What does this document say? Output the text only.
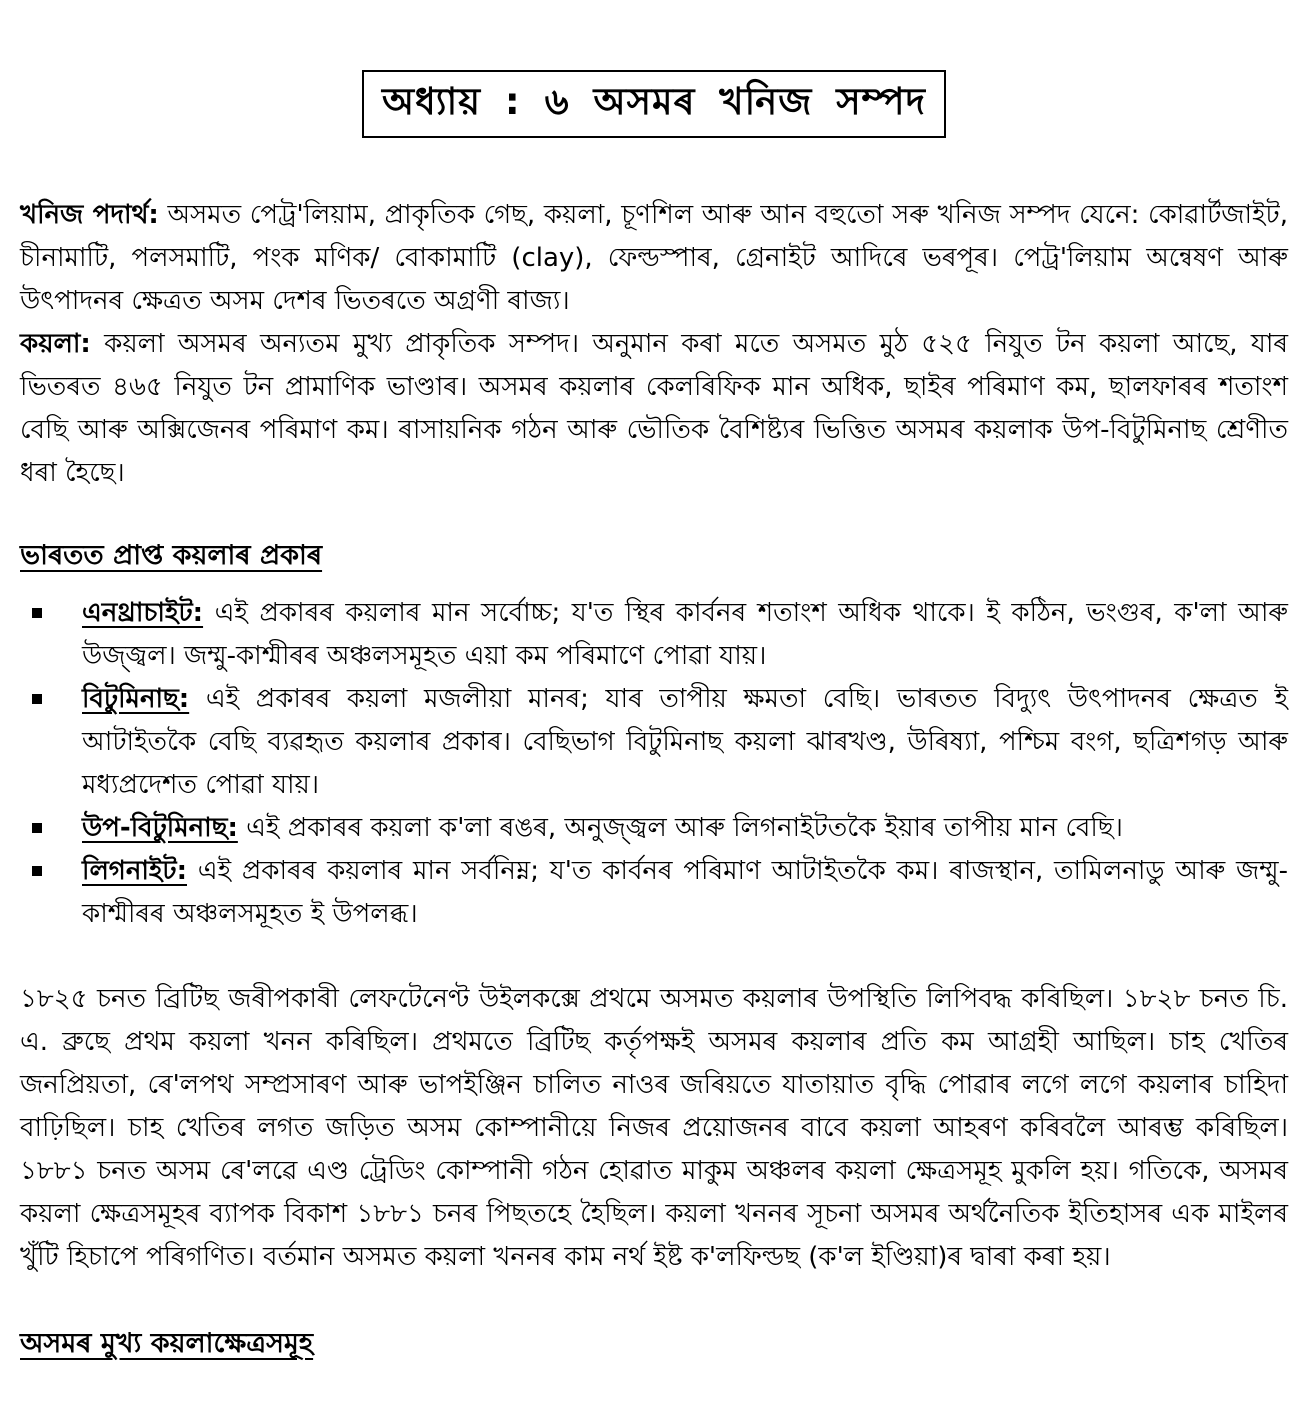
অধ্যায় : ৬ অসমৰ খনিজ সম্পদ

খনিজ পদাৰ্থ: অসমত পেট্ৰ'লিয়াম, প্ৰাকৃতিক গেছ, কয়লা, চূণশিল আৰু আন বহুতো সৰু খনিজ সম্পদ যেনে: কোৱাৰ্টজাইট, চীনামাটি, পলসমাটি, পংক মণিক/ বোকামাটি (clay), ফেল্ডস্পাৰ, গ্ৰেনাইট আদিৰে ভৰপূৰ। পেট্ৰ'লিয়াম অন্বেষণ আৰু উৎপাদনৰ ক্ষেত্ৰত অসম দেশৰ ভিতৰতে অগ্ৰণী ৰাজ্য।

কয়লা: কয়লা অসমৰ অন্যতম মুখ্য প্ৰাকৃতিক সম্পদ। অনুমান কৰা মতে অসমত মুঠ ৫২৫ নিযুত টন কয়লা আছে, যাৰ ভিতৰত ৪৬৫ নিযুত টন প্ৰামাণিক ভাণ্ডাৰ। অসমৰ কয়লাৰ কেলৰিফিক মান অধিক, ছাইৰ পৰিমাণ কম, ছালফাৰৰ শতাংশ বেছি আৰু অক্সিজেনৰ পৰিমাণ কম। ৰাসায়নিক গঠন আৰু ভৌতিক বৈশিষ্ট্যৰ ভিত্তিত অসমৰ কয়লাক উপ-বিটুমিনাছ শ্ৰেণীত ধৰা হৈছে।

ভাৰতত প্ৰাপ্ত কয়লাৰ প্ৰকাৰ
এনথ্ৰাচাইট: এই প্ৰকাৰৰ কয়লাৰ মান সৰ্বোচ্চ; য'ত স্থিৰ কাৰ্বনৰ শতাংশ অধিক থাকে। ই কঠিন, ভংগুৰ, ক'লা আৰু উজ্জ্বল। জম্মু-কাশ্মীৰৰ অঞ্চলসমূহত এয়া কম পৰিমাণে পোৱা যায়।
বিটুমিনাছ: এই প্ৰকাৰৰ কয়লা মজলীয়া মানৰ; যাৰ তাপীয় ক্ষমতা বেছি। ভাৰতত বিদ্যুৎ উৎপাদনৰ ক্ষেত্ৰত ই আটাইতকৈ বেছি ব্যৱহৃত কয়লাৰ প্ৰকাৰ। বেছিভাগ বিটুমিনাছ কয়লা ঝাৰখণ্ড, উৰিষ্যা, পশ্চিম বংগ, ছত্ৰিশগড় আৰু মধ্যপ্ৰদেশত পোৱা যায়।
উপ-বিটুমিনাছ: এই প্ৰকাৰৰ কয়লা ক'লা ৰঙৰ, অনুজ্জ্বল আৰু লিগনাইটতকৈ ইয়াৰ তাপীয় মান বেছি।
লিগনাইট: এই প্ৰকাৰৰ কয়লাৰ মান সৰ্বনিম্ন; য'ত কাৰ্বনৰ পৰিমাণ আটাইতকৈ কম। ৰাজস্থান, তামিলনাডু আৰু জম্মু-কাশ্মীৰৰ অঞ্চলসমূহত ই উপলব্ধ।

১৮২৫ চনত ব্ৰিটিছ জৰীপকাৰী লেফটেনেণ্ট উইলকক্সে প্ৰথমে অসমত কয়লাৰ উপস্থিতি লিপিবদ্ধ কৰিছিল। ১৮২৮ চনত চি. এ. ব্ৰুছে প্ৰথম কয়লা খনন কৰিছিল। প্ৰথমতে ব্ৰিটিছ কৰ্তৃপক্ষই অসমৰ কয়লাৰ প্ৰতি কম আগ্ৰহী আছিল। চাহ খেতিৰ জনপ্ৰিয়তা, ৰে'লপথ সম্প্ৰসাৰণ আৰু ভাপইঞ্জিন চালিত নাওৰ জৰিয়তে যাতায়াত বৃদ্ধি পোৱাৰ লগে লগে কয়লাৰ চাহিদা বাঢ়িছিল। চাহ খেতিৰ লগত জড়িত অসম কোম্পানীয়ে নিজৰ প্ৰয়োজনৰ বাবে কয়লা আহৰণ কৰিবলৈ আৰম্ভ কৰিছিল। ১৮৮১ চনত অসম ৰে'লৱে এণ্ড ট্ৰেডিং কোম্পানী গঠন হোৱাত মাকুম অঞ্চলৰ কয়লা ক্ষেত্ৰসমূহ মুকলি হয়। গতিকে, অসমৰ কয়লা ক্ষেত্ৰসমূহৰ ব্যাপক বিকাশ ১৮৮১ চনৰ পিছতহে হৈছিল। কয়লা খননৰ সূচনা অসমৰ অৰ্থনৈতিক ইতিহাসৰ এক মাইলৰ খুঁটি হিচাপে পৰিগণিত। বৰ্তমান অসমত কয়লা খননৰ কাম নৰ্থ ইষ্ট ক'লফিল্ডছ (ক'ল ইণ্ডিয়া)ৰ দ্বাৰা কৰা হয়।

অসমৰ মুখ্য কয়লাক্ষেত্ৰসমূহ
